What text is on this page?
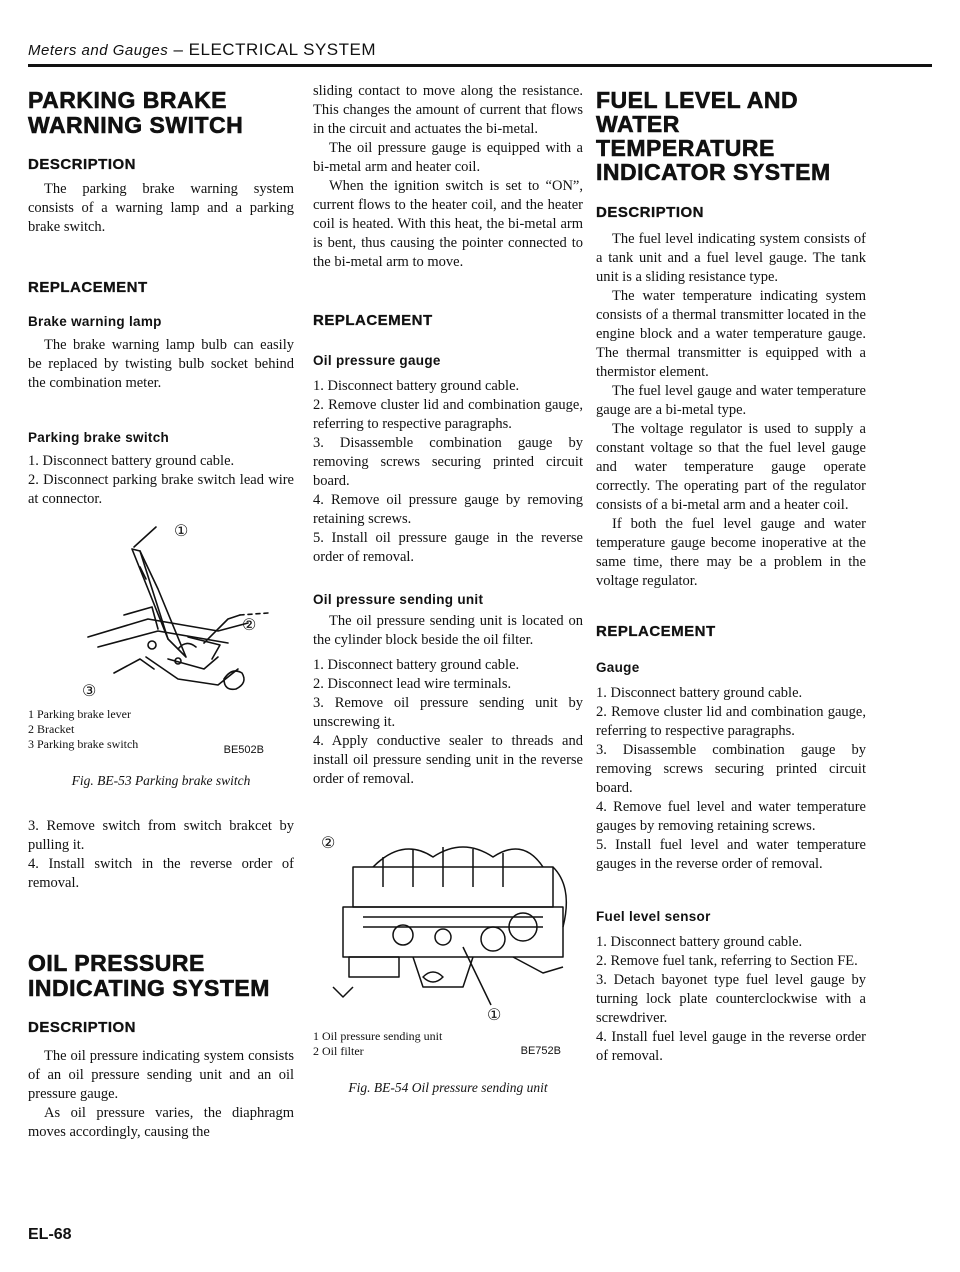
Meters and Gauges – ELECTRICAL SYSTEM
PARKING BRAKE
WARNING SWITCH
DESCRIPTION
The parking brake warning system consists of a warning lamp and a parking brake switch.
REPLACEMENT
Brake warning lamp
The brake warning lamp bulb can easily be replaced by twisting bulb socket behind the combination meter.
Parking brake switch
1. Disconnect battery ground cable.
2. Disconnect parking brake switch lead wire at connector.
①
②
③
1 Parking brake lever
2 Bracket
3 Parking brake switch	BE502B
Fig. BE-53 Parking brake switch
3. Remove switch from switch brakcet by pulling it.
4. Install switch in the reverse order of removal.
OIL PRESSURE
INDICATING SYSTEM
DESCRIPTION
The oil pressure indicating system consists of an oil pressure sending unit and an oil pressure gauge.
As oil pressure varies, the diaphragm moves accordingly, causing the
sliding contact to move along the resistance. This changes the amount of current that flows in the circuit and actuates the bi-metal.
The oil pressure gauge is equipped with a bi-metal arm and heater coil.
When the ignition switch is set to “ON”, current flows to the heater coil, and the heater coil is heated. With this heat, the bi-metal arm is bent, thus causing the pointer connected to the bi-metal arm to move.
REPLACEMENT
Oil pressure gauge
1. Disconnect battery ground cable.
2. Remove cluster lid and combination gauge, referring to respective paragraphs.
3. Disassemble combination gauge by removing screws securing printed circuit board.
4. Remove oil pressure gauge by removing retaining screws.
5. Install oil pressure gauge in the reverse order of removal.
Oil pressure sending unit
The oil pressure sending unit is located on the cylinder block beside the oil filter.
1. Disconnect battery ground cable.
2. Disconnect lead wire terminals.
3. Remove oil pressure sending unit by unscrewing it.
4. Apply conductive sealer to threads and install oil pressure sending unit in the reverse order of removal.
②
①
1 Oil pressure sending unit
2 Oil filter	BE752B
Fig. BE-54 Oil pressure sending unit
FUEL LEVEL AND
WATER
TEMPERATURE
INDICATOR SYSTEM
DESCRIPTION
The fuel level indicating system consists of a tank unit and a fuel level gauge. The tank unit is a sliding resistance type.
The water temperature indicating system consists of a thermal transmitter located in the engine block and a water temperature gauge. The thermal transmitter is equipped with a thermistor element.
The fuel level gauge and water temperature gauge are a bi-metal type.
The voltage regulator is used to supply a constant voltage so that the fuel level gauge and water temperature gauge operate correctly. The operating part of the regulator consists of a bi-metal arm and a heater coil.
If both the fuel level gauge and water temperature gauge become inoperative at the same time, there may be a problem in the voltage regulator.
REPLACEMENT
Gauge
1. Disconnect battery ground cable.
2. Remove cluster lid and combination gauge, referring to respective paragraphs.
3. Disassemble combination gauge by removing screws securing printed circuit board.
4. Remove fuel level and water temperature gauges by removing retaining screws.
5. Install fuel level and water temperature gauges in the reverse order of removal.
Fuel level sensor
1. Disconnect battery ground cable.
2. Remove fuel tank, referring to Section FE.
3. Detach bayonet type fuel level gauge by turning lock plate counterclockwise with a screwdriver.
4. Install fuel level gauge in the reverse order of removal.
EL-68
